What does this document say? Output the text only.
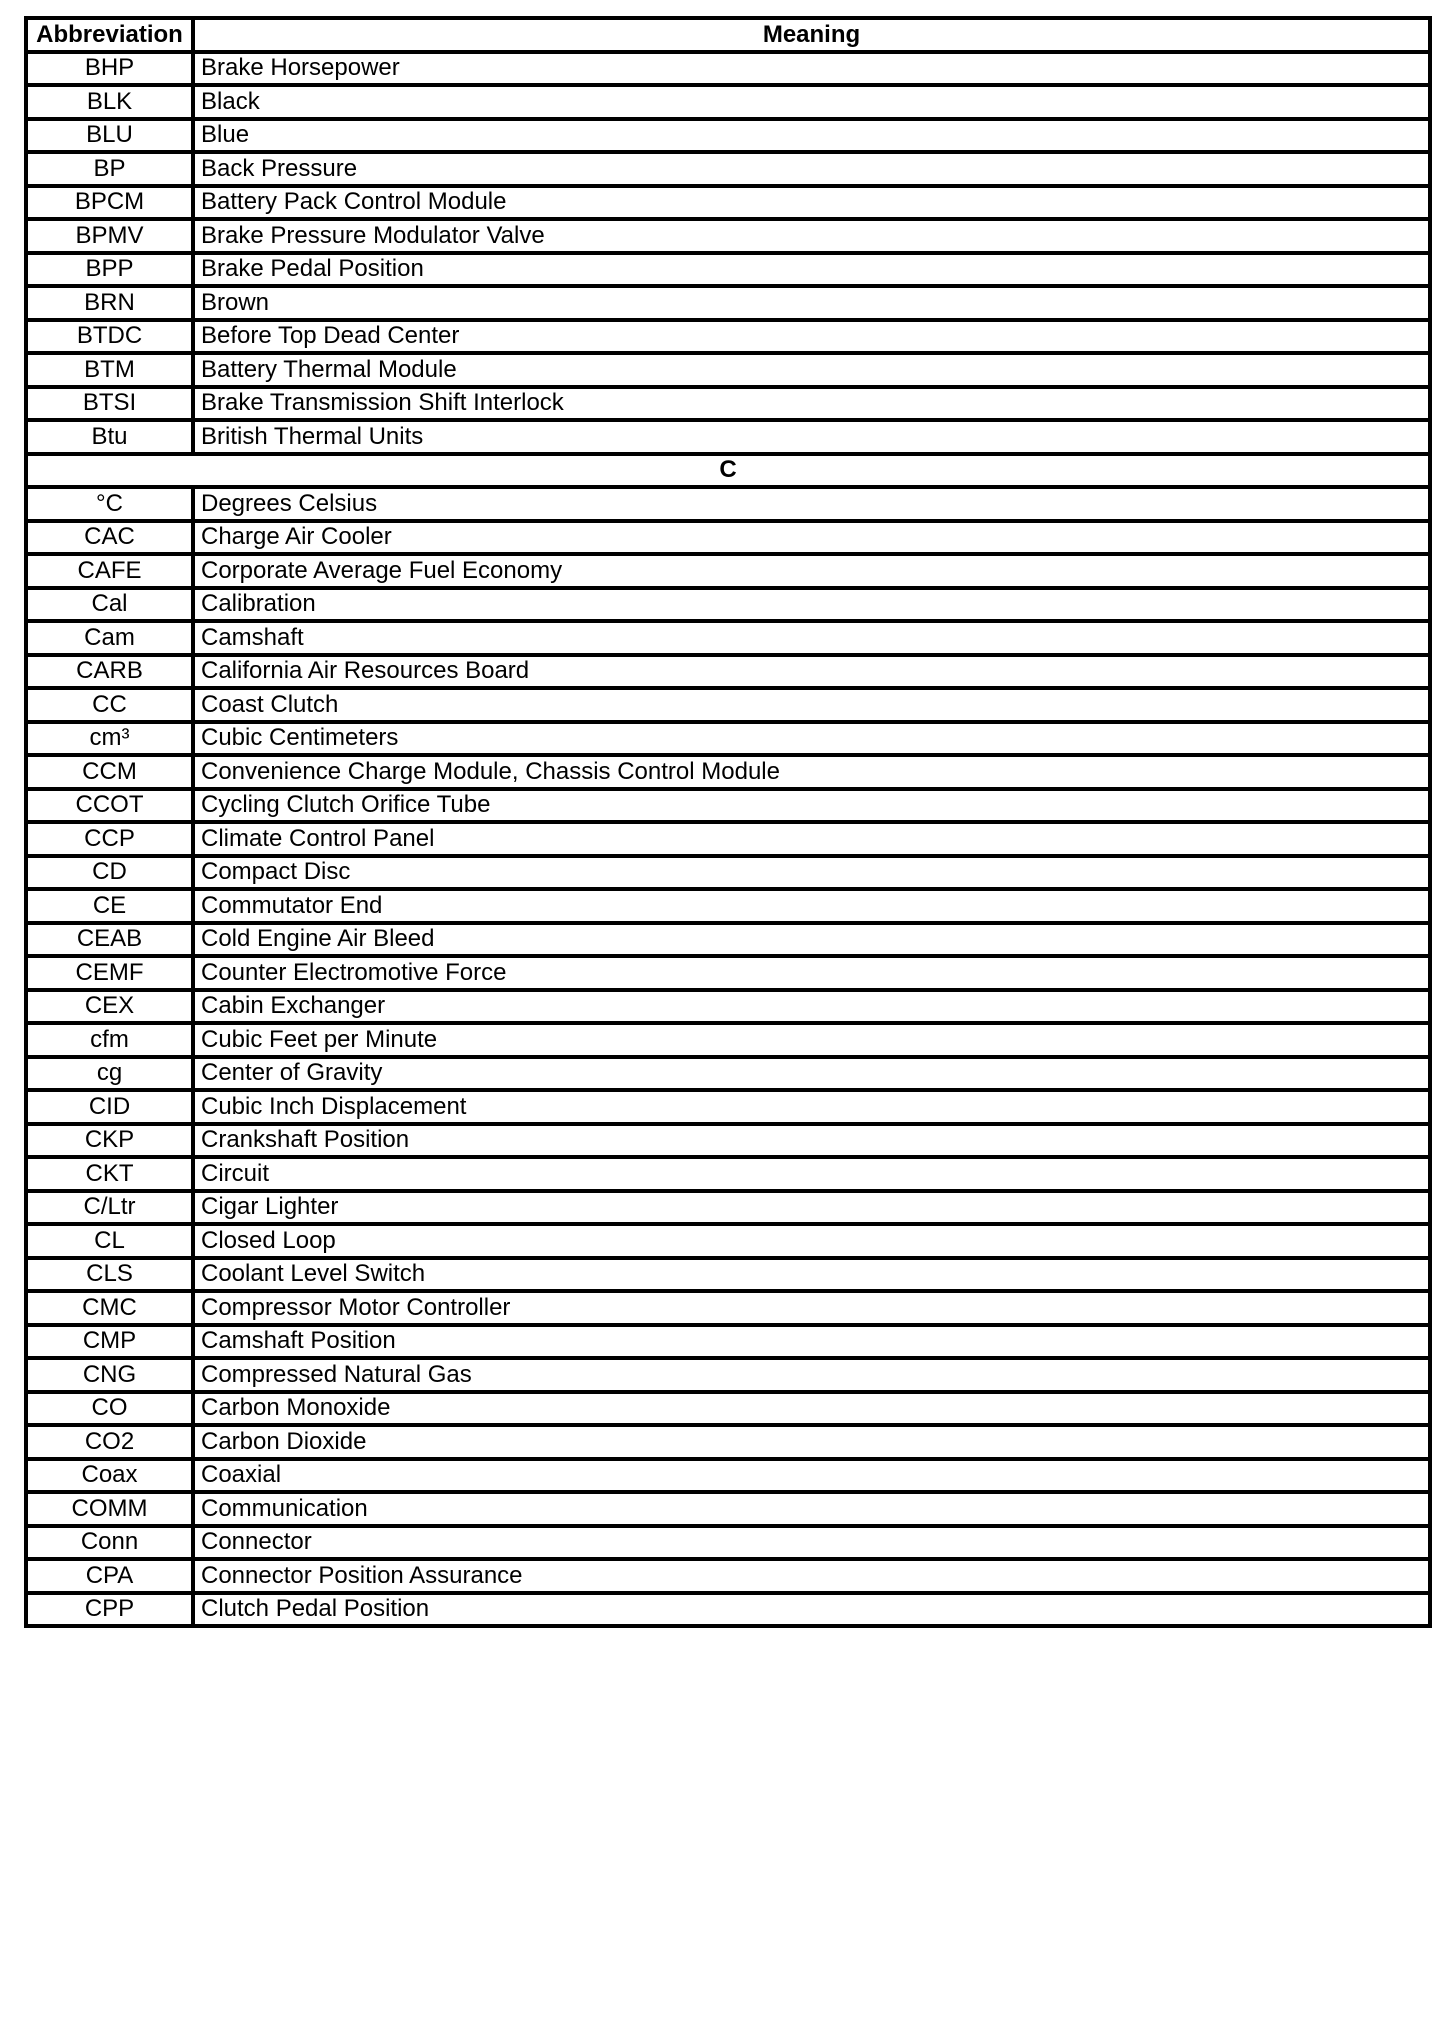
Abbreviation	Meaning
BHP	Brake Horsepower
BLK	Black
BLU	Blue
BP	Back Pressure
BPCM	Battery Pack Control Module
BPMV	Brake Pressure Modulator Valve
BPP	Brake Pedal Position
BRN	Brown
BTDC	Before Top Dead Center
BTM	Battery Thermal Module
BTSI	Brake Transmission Shift Interlock
Btu	British Thermal Units
C	
°C	Degrees Celsius
CAC	Charge Air Cooler
CAFE	Corporate Average Fuel Economy
Cal	Calibration
Cam	Camshaft
CARB	California Air Resources Board
CC	Coast Clutch
cm³	Cubic Centimeters
CCM	Convenience Charge Module, Chassis Control Module
CCOT	Cycling Clutch Orifice Tube
CCP	Climate Control Panel
CD	Compact Disc
CE	Commutator End
CEAB	Cold Engine Air Bleed
CEMF	Counter Electromotive Force
CEX	Cabin Exchanger
cfm	Cubic Feet per Minute
cg	Center of Gravity
CID	Cubic Inch Displacement
CKP	Crankshaft Position
CKT	Circuit
C/Ltr	Cigar Lighter
CL	Closed Loop
CLS	Coolant Level Switch
CMC	Compressor Motor Controller
CMP	Camshaft Position
CNG	Compressed Natural Gas
CO	Carbon Monoxide
CO2	Carbon Dioxide
Coax	Coaxial
COMM	Communication
Conn	Connector
CPA	Connector Position Assurance
CPP	Clutch Pedal Position
